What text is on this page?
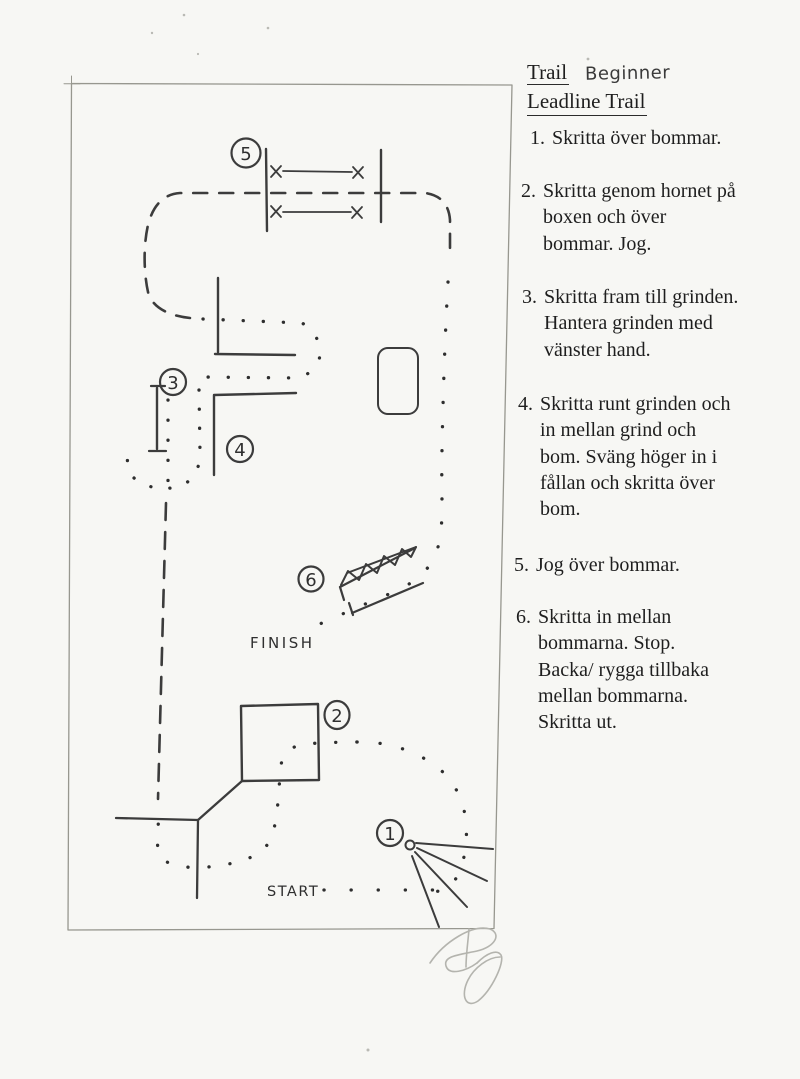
5
3
4
6
2
1
FINISH
START
Trail Beginner
Leadline Trail
1. Skritta över bommar.
2. Skritta genom hornet på
boxen och över
bommar. Jog.
3. Skritta fram till grinden.
Hantera grinden med
vänster hand.
4. Skritta runt grinden och
in mellan grind och
bom. Sväng höger in i
fållan och skritta över
bom.
5. Jog över bommar.
6. Skritta in mellan
bommarna. Stop.
Backa/ rygga tillbaka
mellan bommarna.
Skritta ut.
